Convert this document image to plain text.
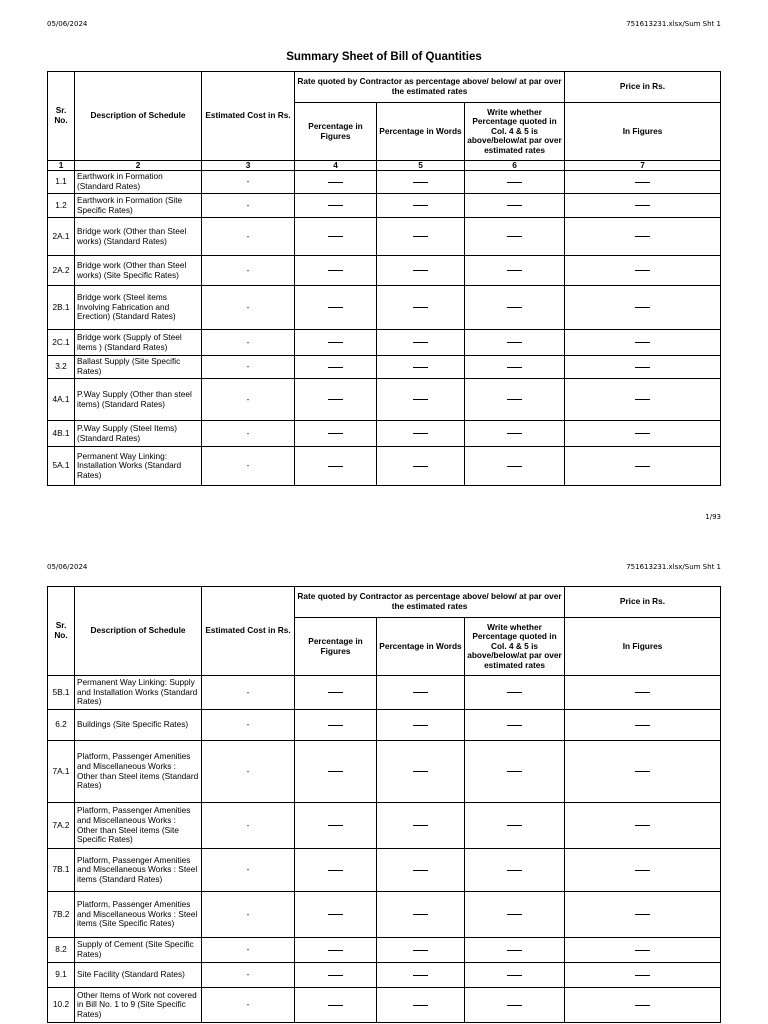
05/06/2024	751613231.xlsx/Sum Sht 1
Summary Sheet of Bill of Quantities
Sr. No.	Description of Schedule	Estimated Cost in Rs.	Rate quoted by Contractor as percentage above/ below/ at par over the estimated rates			Price in Rs.
			Percentage in Figures	Percentage in Words	Write whether Percentage quoted in Col. 4 & 5 is above/below/at par over estimated rates	In Figures
1	2	3	4	5	6	7
1.1	Earthwork in Formation (Standard Rates)	-				
1.2	Earthwork in Formation (Site Specific Rates)	-				
2A.1	Bridge work (Other than Steel works) (Standard Rates)	-				
2A.2	Bridge work (Other than Steel works) (Site Specific Rates)	-				
2B.1	Bridge work (Steel items Involving Fabrication and Erection) (Standard Rates)	-				
2C.1	Bridge work (Supply of Steel items ) (Standard Rates)	-				
3.2	Ballast Supply (Site Specific Rates)	-				
4A.1	P.Way Supply (Other than steel items) (Standard Rates)	-				
4B.1	P.Way Supply (Steel Items) (Standard Rates)	-				
5A.1	Permanent Way Linking: Installation Works (Standard Rates)	-				
1/93
05/06/2024	751613231.xlsx/Sum Sht 1
Sr. No.	Description of Schedule	Estimated Cost in Rs.	Rate quoted by Contractor as percentage above/ below/ at par over the estimated rates			Price in Rs.
			Percentage in Figures	Percentage in Words	Write whether Percentage quoted in Col. 4 & 5 is above/below/at par over estimated rates	In Figures
5B.1	Permanent Way Linking: Supply and Installation Works (Standard Rates)	-				
6.2	Buildings (Site Specific Rates)	-				
7A.1	Platform, Passenger Amenities and Miscellaneous Works : Other than Steel items (Standard Rates)	-				
7A.2	Platform, Passenger Amenities and Miscellaneous Works : Other than Steel items (Site Specific Rates)	-				
7B.1	Platform, Passenger Amenities and Miscellaneous Works : Steel items (Standard Rates)	-				
7B.2	Platform, Passenger Amenities and Miscellaneous Works : Steel items (Site Specific Rates)	-				
8.2	Supply of Cement (Site Specific Rates)	-				
9.1	Site Facility (Standard Rates)	-				
10.2	Other Items of Work not covered in Bill No. 1 to 9 (Site Specific Rates)	-				
